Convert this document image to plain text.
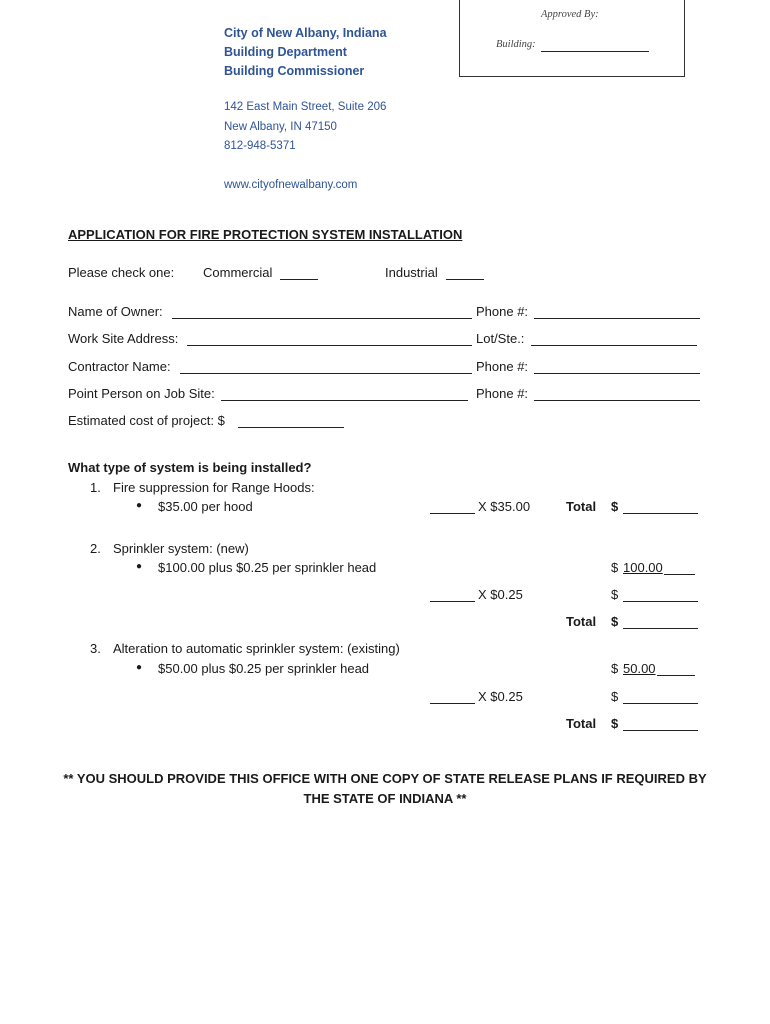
Approved By:
Building:
City of New Albany, Indiana
Building Department
Building Commissioner
142 East Main Street, Suite 206
New Albany, IN 47150
812-948-5371
www.cityofnewalbany.com
APPLICATION FOR FIRE PROTECTION SYSTEM INSTALLATION
Please check one: Commercial	Industrial
Name of Owner:	Phone #:
Work Site Address:	Lot/Ste.:
Contractor Name:	Phone #:
Point Person on Job Site:	Phone #:
Estimated cost of project: $
What type of system is being installed?
1. Fire suppression for Range Hoods:
● $35.00 per hood	X $35.00	Total $
2. Sprinkler system: (new)
● $100.00 plus $0.25 per sprinkler head	$ 100.00
X $0.25	$
Total $
3. Alteration to automatic sprinkler system: (existing)
● $50.00 plus $0.25 per sprinkler head	$ 50.00
X $0.25	$
Total $
** YOU SHOULD PROVIDE THIS OFFICE WITH ONE COPY OF STATE RELEASE PLANS IF REQUIRED BY THE STATE OF INDIANA **
